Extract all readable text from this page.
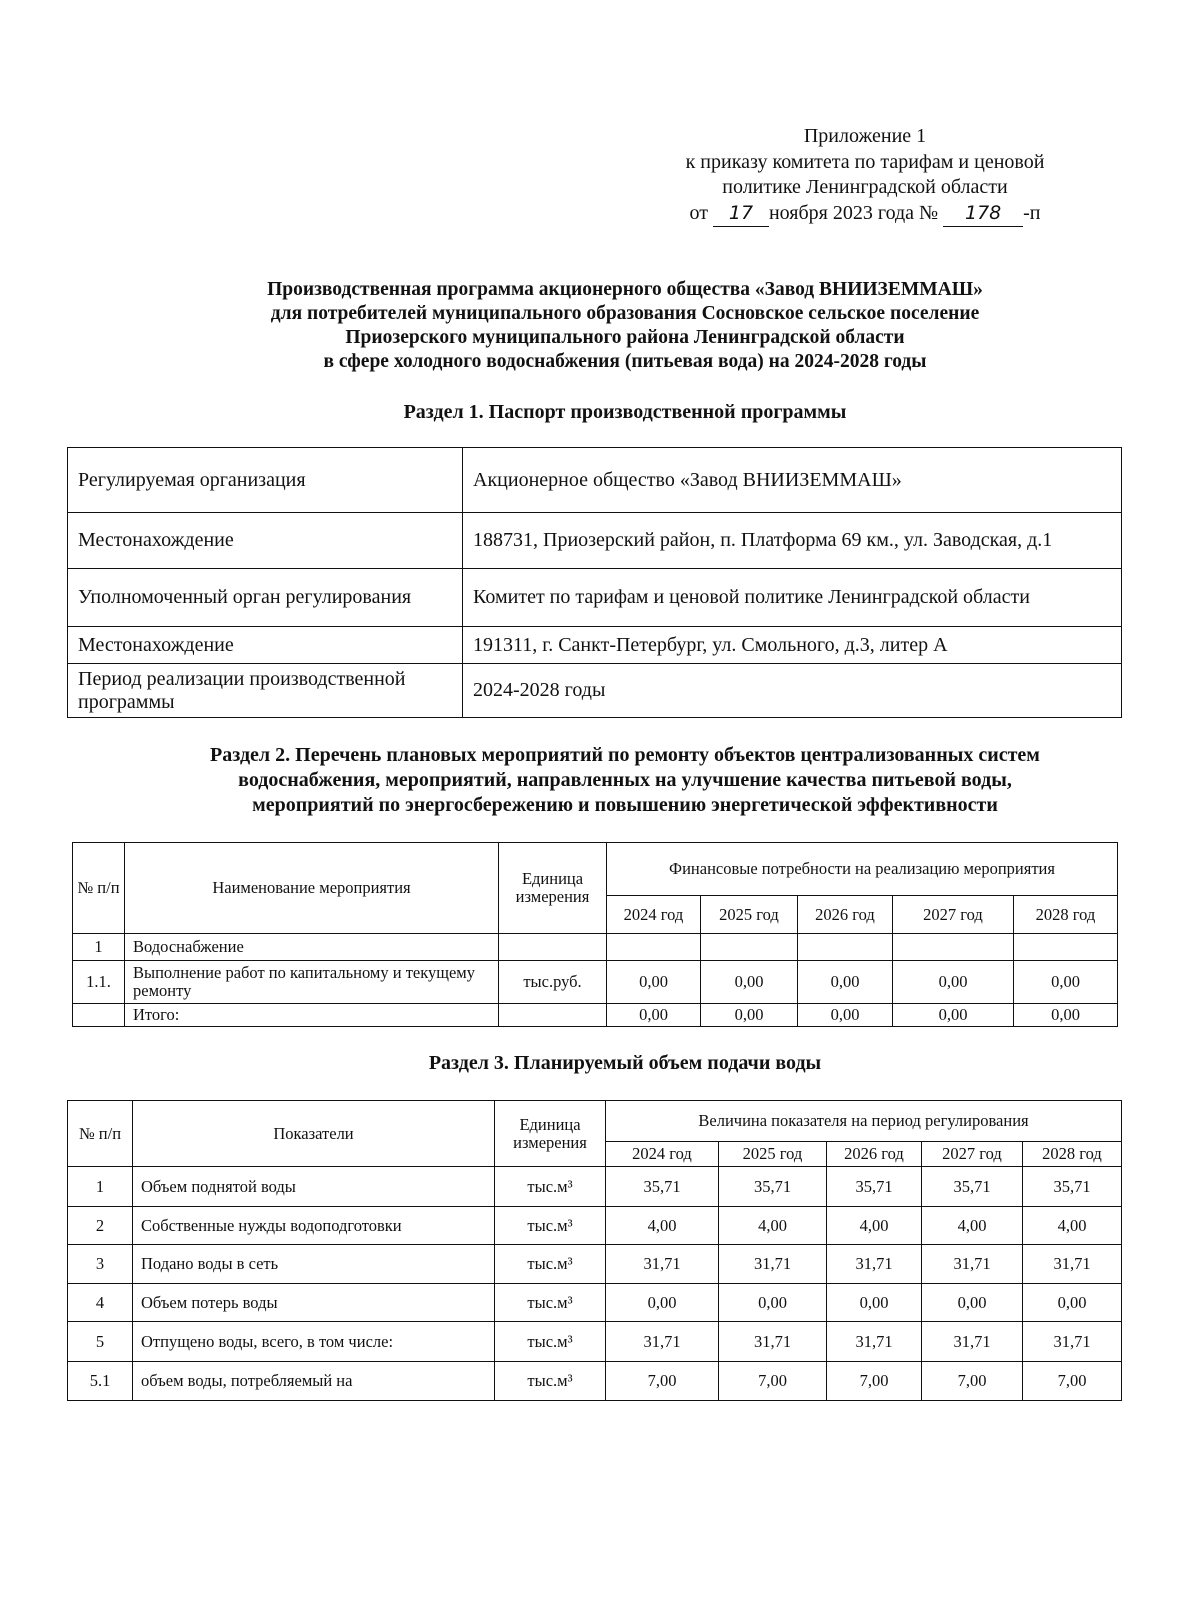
Приложение 1
к приказу комитета по тарифам и ценовой
политике Ленинградской области
от 17 ноября 2023 года № 178 -п
Производственная программа акционерного общества «Завод ВНИИЗЕММАШ»
для потребителей муниципального образования Сосновское сельское поселение
Приозерского муниципального района Ленинградской области
в сфере холодного водоснабжения (питьевая вода) на 2024-2028 годы
Раздел 1. Паспорт производственной программы
Регулируемая организация	Акционерное общество «Завод ВНИИЗЕММАШ»
Местонахождение	188731, Приозерский район, п. Платформа 69 км., ул. Заводская, д.1
Уполномоченный орган регулирования	Комитет по тарифам и ценовой политике Ленинградской области
Местонахождение	191311, г. Санкт-Петербург, ул. Смольного, д.3, литер А
Период реализации производственной программы	2024-2028 годы
Раздел 2. Перечень плановых мероприятий по ремонту объектов централизованных систем
водоснабжения, мероприятий, направленных на улучшение качества питьевой воды,
мероприятий по энергосбережению и повышению энергетической эффективности
№ п/п	Наименование мероприятия	Единица измерения	Финансовые потребности на реализацию мероприятия				
			2024 год	2025 год	2026 год	2027 год	2028 год
1	Водоснабжение						
1.1.	Выполнение работ по капитальному и текущему ремонту	тыс.руб.	0,00	0,00	0,00	0,00	0,00
	Итого:		0,00	0,00	0,00	0,00	0,00
Раздел 3. Планируемый объем подачи воды
№ п/п	Показатели	Единица измерения	Величина показателя на период регулирования				
			2024 год	2025 год	2026 год	2027 год	2028 год
1	Объем поднятой воды	тыс.м³	35,71	35,71	35,71	35,71	35,71
2	Собственные нужды водоподготовки	тыс.м³	4,00	4,00	4,00	4,00	4,00
3	Подано воды в сеть	тыс.м³	31,71	31,71	31,71	31,71	31,71
4	Объем потерь воды	тыс.м³	0,00	0,00	0,00	0,00	0,00
5	Отпущено воды, всего, в том числе:	тыс.м³	31,71	31,71	31,71	31,71	31,71
5.1	объем воды, потребляемый на	тыс.м³	7,00	7,00	7,00	7,00	7,00
